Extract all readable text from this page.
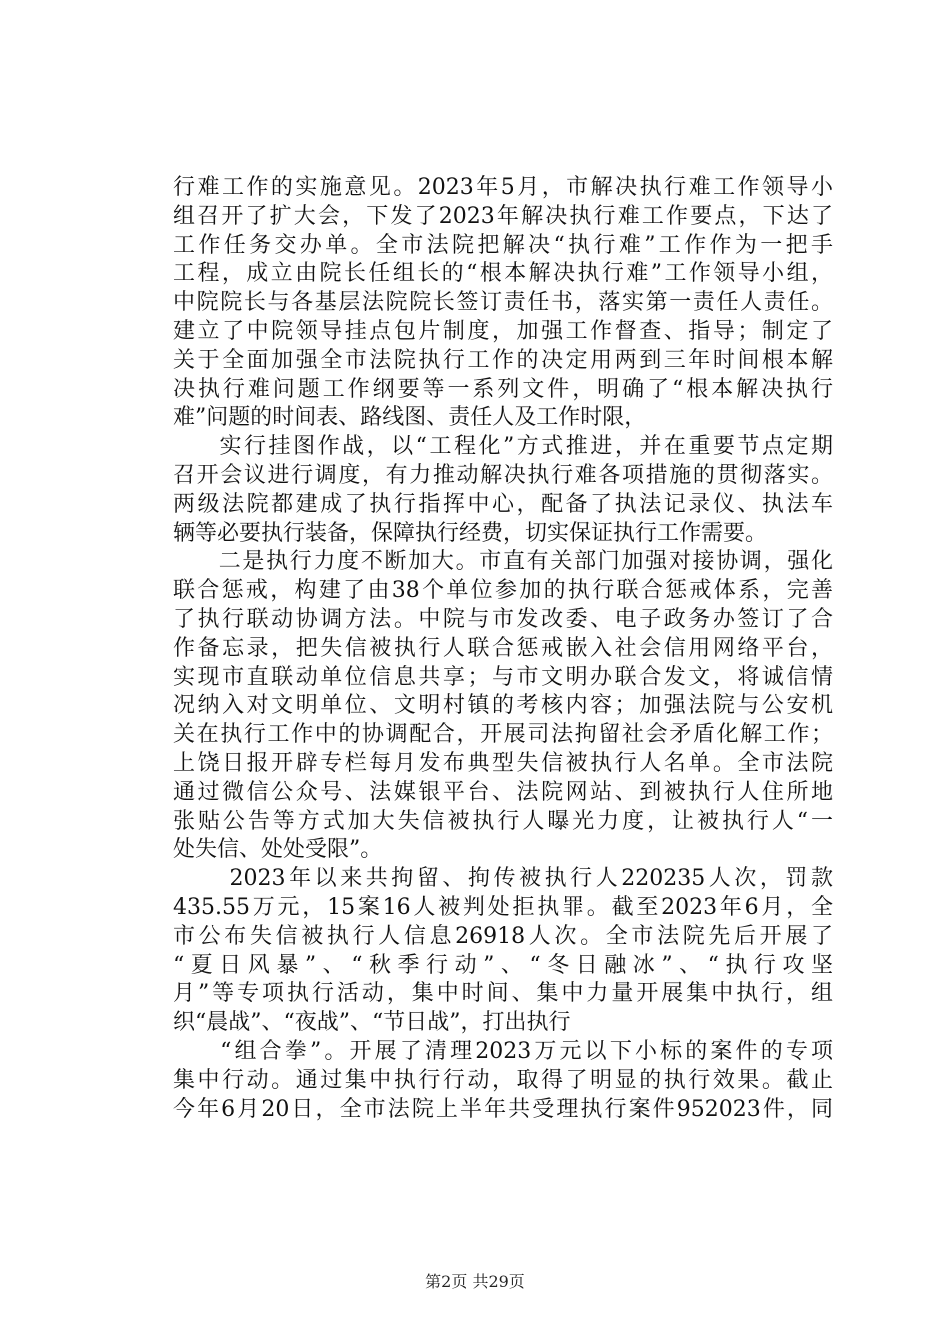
行难工作的实施意见。2023年5月，市解决执行难工作领导小
组召开了扩大会，下发了2023年解决执行难工作要点，下达了
工作任务交办单。全市法院把解决“执行难”工作作为一把手
工程，成立由院长任组长的“根本解决执行难”工作领导小组，
中院院长与各基层法院院长签订责任书，落实第一责任人责任。
建立了中院领导挂点包片制度，加强工作督查、指导；制定了
关于全面加强全市法院执行工作的决定用两到三年时间根本解
决执行难问题工作纲要等一系列文件，明确了“根本解决执行
难”问题的时间表、路线图、责任人及工作时限，
　实行挂图作战，以“工程化”方式推进，并在重要节点定期
召开会议进行调度，有力推动解决执行难各项措施的贯彻落实。
两级法院都建成了执行指挥中心，配备了执法记录仪、执法车
辆等必要执行装备，保障执行经费，切实保证执行工作需要。
　二是执行力度不断加大。市直有关部门加强对接协调，强化
联合惩戒，构建了由38个单位参加的执行联合惩戒体系，完善
了执行联动协调方法。中院与市发改委、电子政务办签订了合
作备忘录，把失信被执行人联合惩戒嵌入社会信用网络平台，
实现市直联动单位信息共享；与市文明办联合发文，将诚信情
况纳入对文明单位、文明村镇的考核内容；加强法院与公安机
关在执行工作中的协调配合，开展司法拘留社会矛盾化解工作；
上饶日报开辟专栏每月发布典型失信被执行人名单。全市法院
通过微信公众号、法媒银平台、法院网站、到被执行人住所地
张贴公告等方式加大失信被执行人曝光力度，让被执行人“一
处失信、处处受限”。
　2023年以来共拘留、拘传被执行人220235人次，罚款
435.55万元，15案16人被判处拒执罪。截至2023年6月，全
市公布失信被执行人信息26918人次。全市法院先后开展了
“夏日风暴”、“秋季行动”、“冬日融冰”、“执行攻坚
月”等专项执行活动，集中时间、集中力量开展集中执行，组
织“晨战”、“夜战”、“节日战”，打出执行
　“组合拳”。开展了清理2023万元以下小标的案件的专项
集中行动。通过集中执行行动，取得了明显的执行效果。截止
今年6月20日，全市法院上半年共受理执行案件952023件，同
第2页 共29页
